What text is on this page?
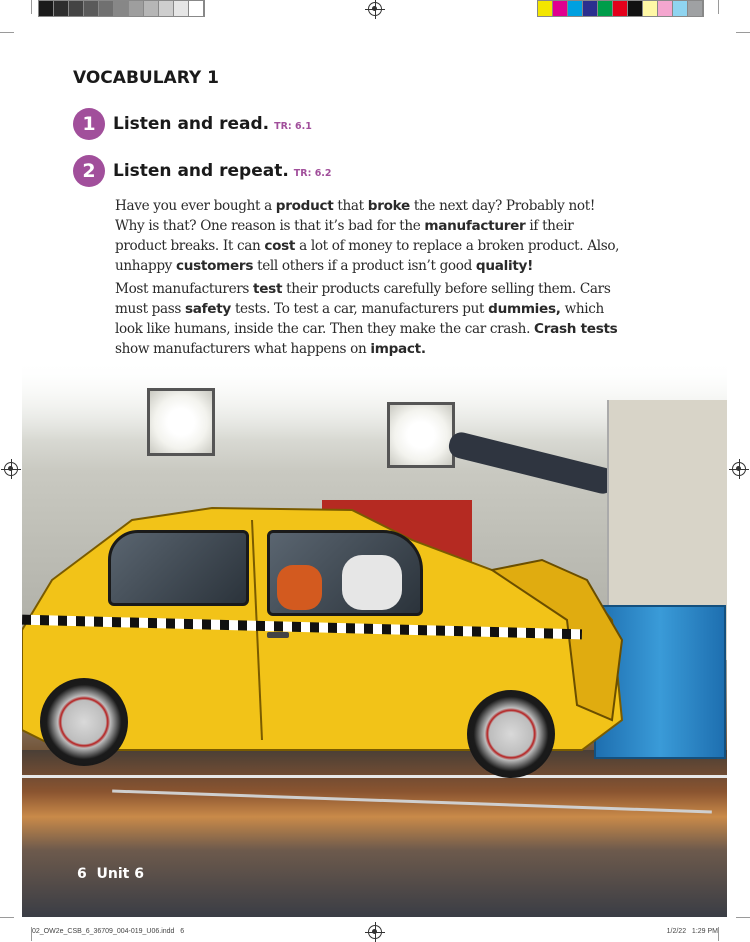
VOCABULARY 1
1	Listen and read. TR: 6.1
2	Listen and repeat. TR: 6.2

Have you ever bought a product that broke the next day? Probably not! Why is that? One reason is that it’s bad for the manufacturer if their product breaks. It can cost a lot of money to replace a broken product. Also, unhappy customers tell others if a product isn’t good quality!

Most manufacturers test their products carefully before selling them. Cars must pass safety tests. To test a car, manufacturers put dummies, which look like humans, inside the car. Then they make the car crash. Crash tests show manufacturers what happens on impact.

6  Unit 6
02_OW2e_CSB_6_36709_004-019_U06.indd   6	1/2/22   1:29 PM
